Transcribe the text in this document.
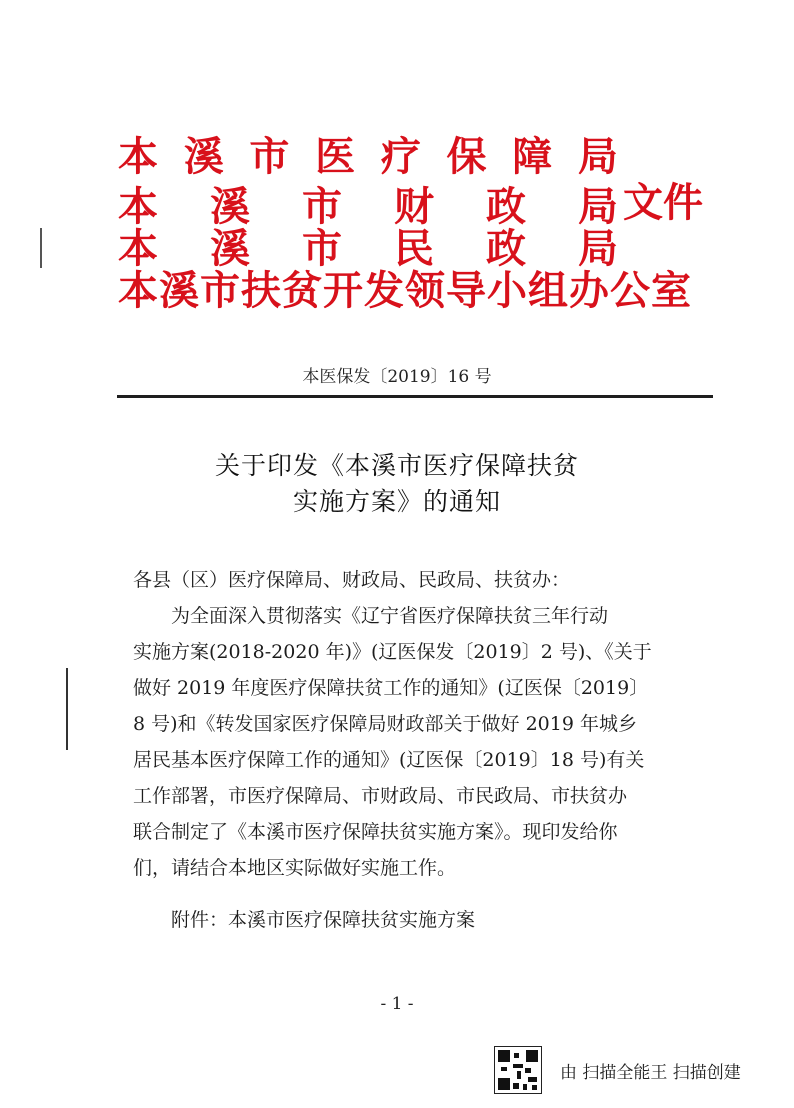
本 溪 市 医 疗 保 障 局
本 溪 市 财 政 局
本 溪 市 民 政 局
本溪市扶贫开发领导小组办公室
文件
本医保发〔2019〕16 号
关于印发《本溪市医疗保障扶贫
实施方案》的通知
各县（区）医疗保障局、财政局、民政局、扶贫办：
为全面深入贯彻落实《辽宁省医疗保障扶贫三年行动
实施方案(2018-2020 年)》(辽医保发〔2019〕2 号)、《关于
做好 2019 年度医疗保障扶贫工作的通知》(辽医保〔2019〕
8 号)和《转发国家医疗保障局财政部关于做好 2019 年城乡
居民基本医疗保障工作的通知》(辽医保〔2019〕18 号)有关
工作部署，市医疗保障局、市财政局、市民政局、市扶贫办
联合制定了《本溪市医疗保障扶贫实施方案》。现印发给你
们，请结合本地区实际做好实施工作。
附件：本溪市医疗保障扶贫实施方案
- 1 -
由 扫描全能王 扫描创建
